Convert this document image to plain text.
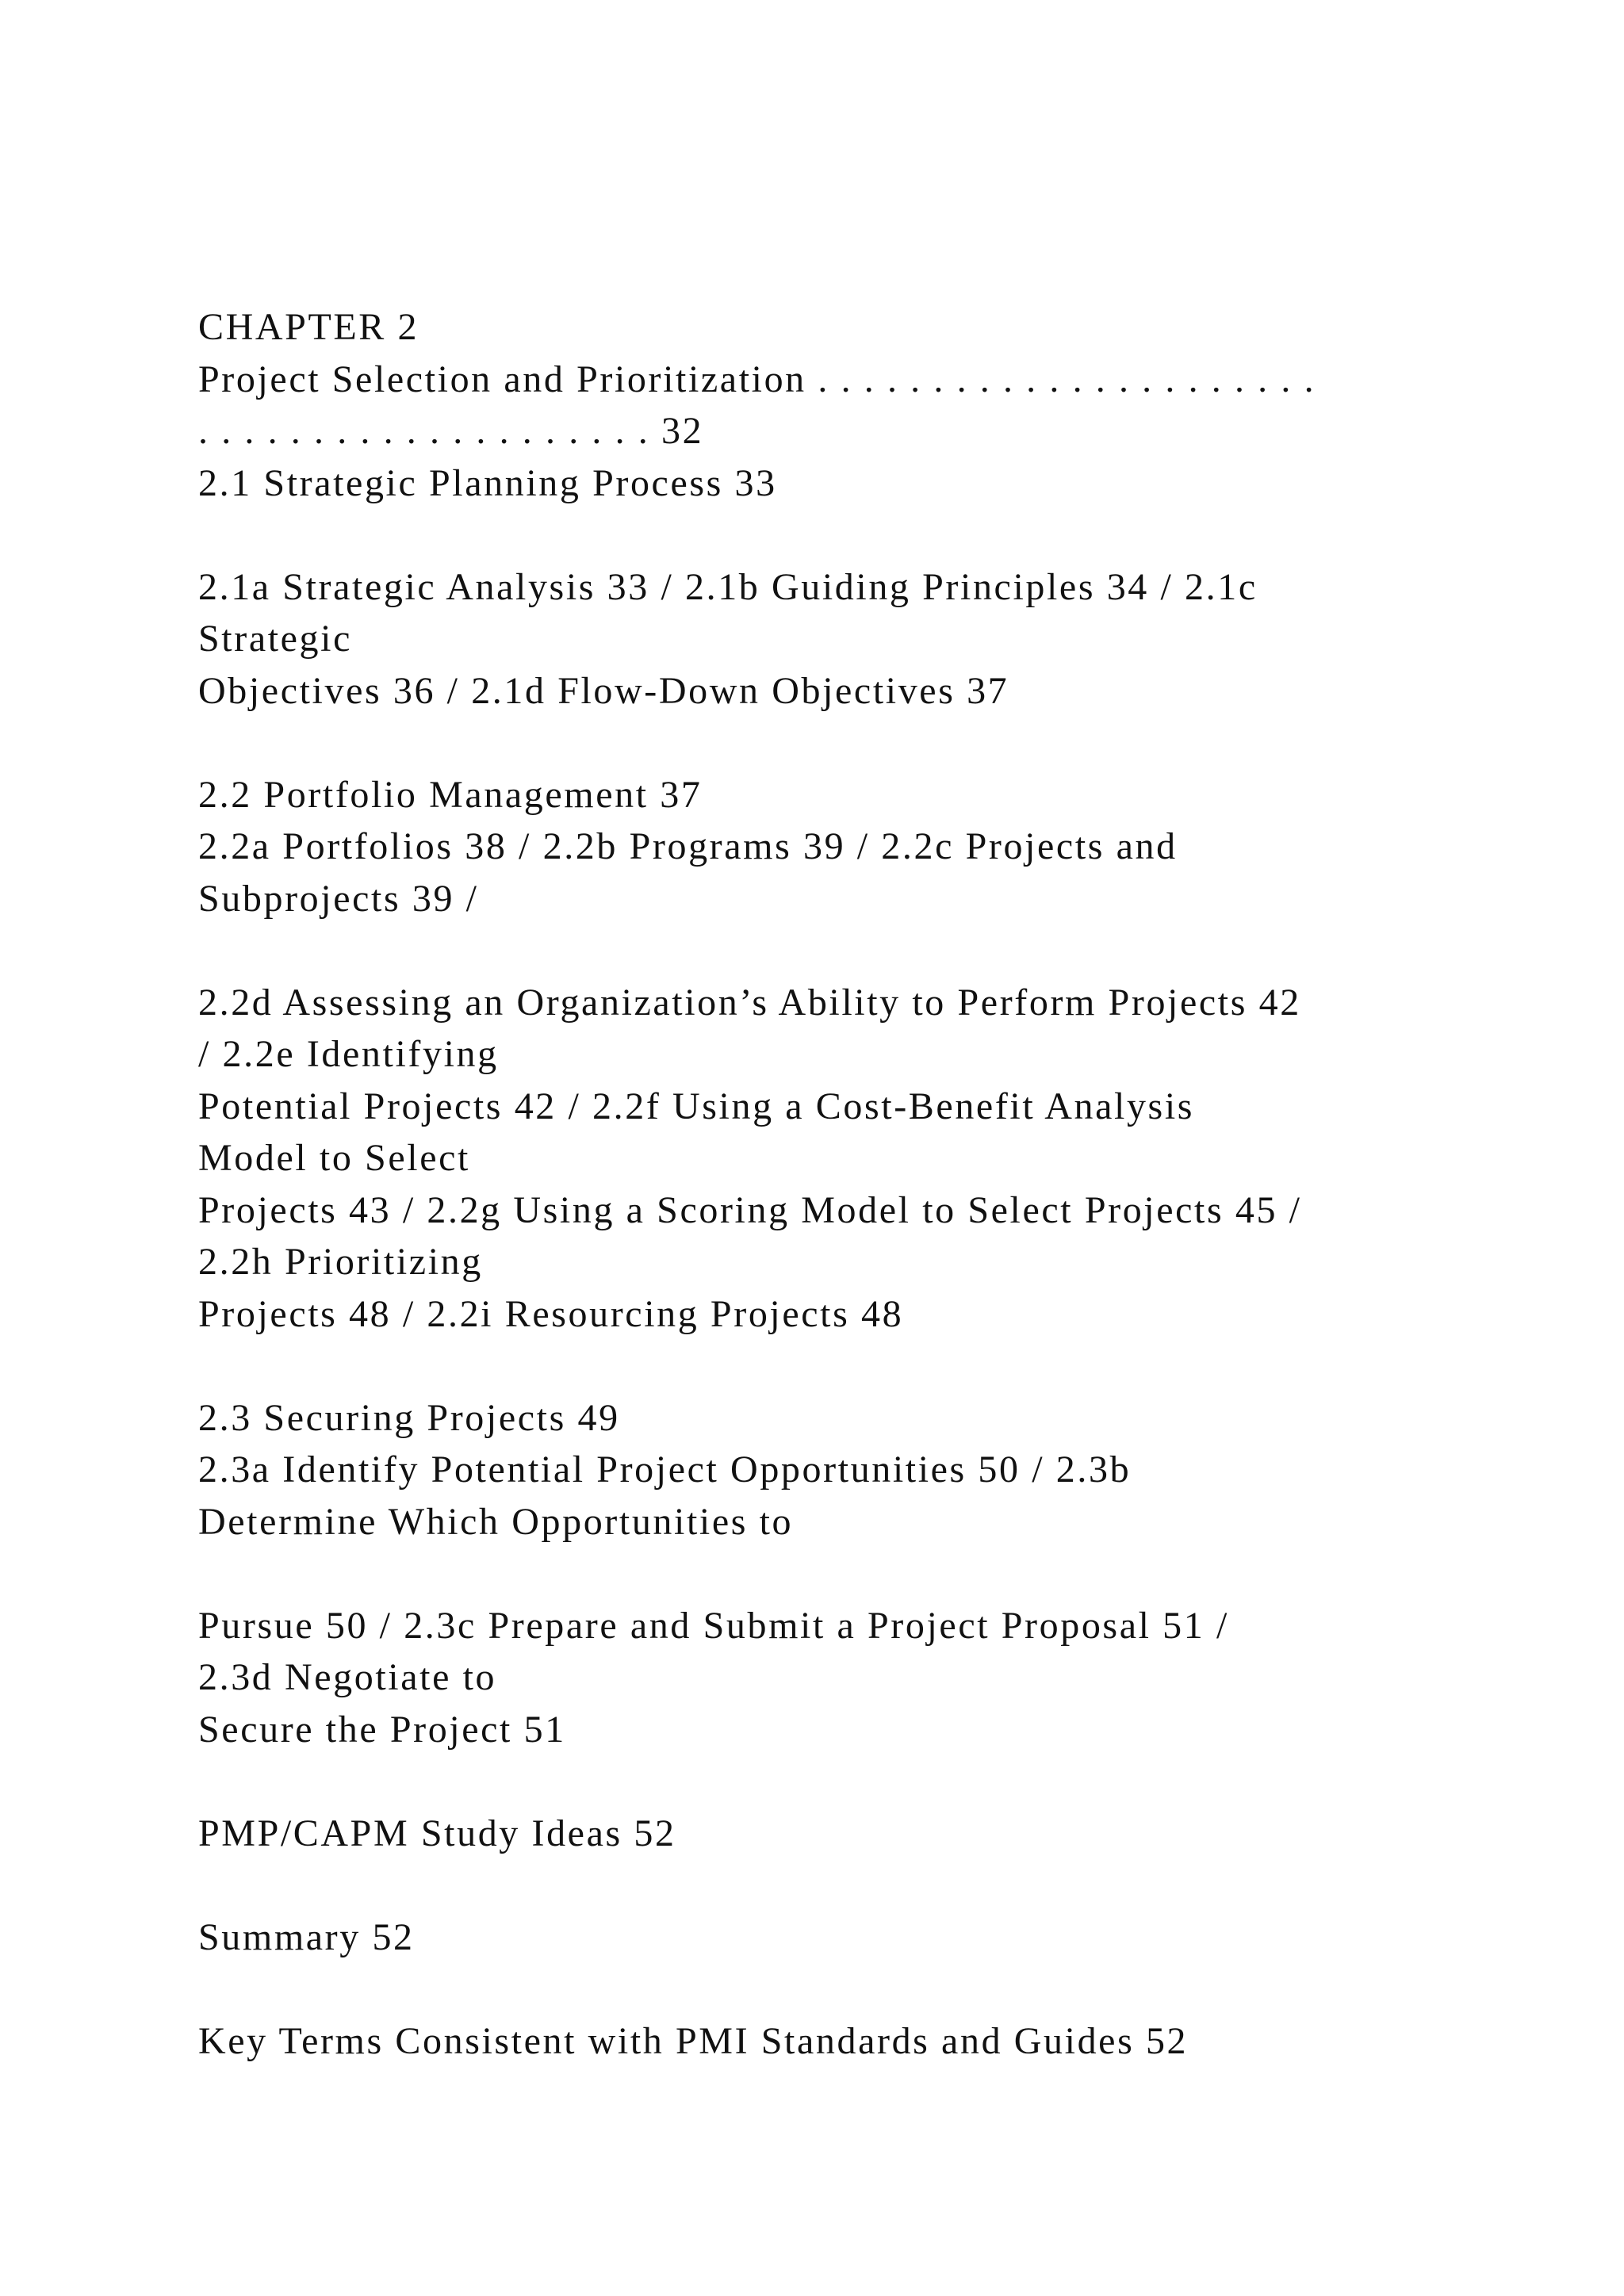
CHAPTER 2
Project Selection and Prioritization . . . . . . . . . . . . . . . . . . . . . .
. . . . . . . . . . . . . . . . . . . . 32
2.1 Strategic Planning Process 33
2.1a Strategic Analysis 33 / 2.1b Guiding Principles 34 / 2.1c
Strategic
Objectives 36 / 2.1d Flow-Down Objectives 37
2.2 Portfolio Management 37
2.2a Portfolios 38 / 2.2b Programs 39 / 2.2c Projects and
Subprojects 39 /
2.2d Assessing an Organization’s Ability to Perform Projects 42
/ 2.2e Identifying
Potential Projects 42 / 2.2f Using a Cost-Benefit Analysis
Model to Select
Projects 43 / 2.2g Using a Scoring Model to Select Projects 45 /
2.2h Prioritizing
Projects 48 / 2.2i Resourcing Projects 48
2.3 Securing Projects 49
2.3a Identify Potential Project Opportunities 50 / 2.3b
Determine Which Opportunities to
Pursue 50 / 2.3c Prepare and Submit a Project Proposal 51 /
2.3d Negotiate to
Secure the Project 51
PMP/CAPM Study Ideas 52
Summary 52
Key Terms Consistent with PMI Standards and Guides 52
